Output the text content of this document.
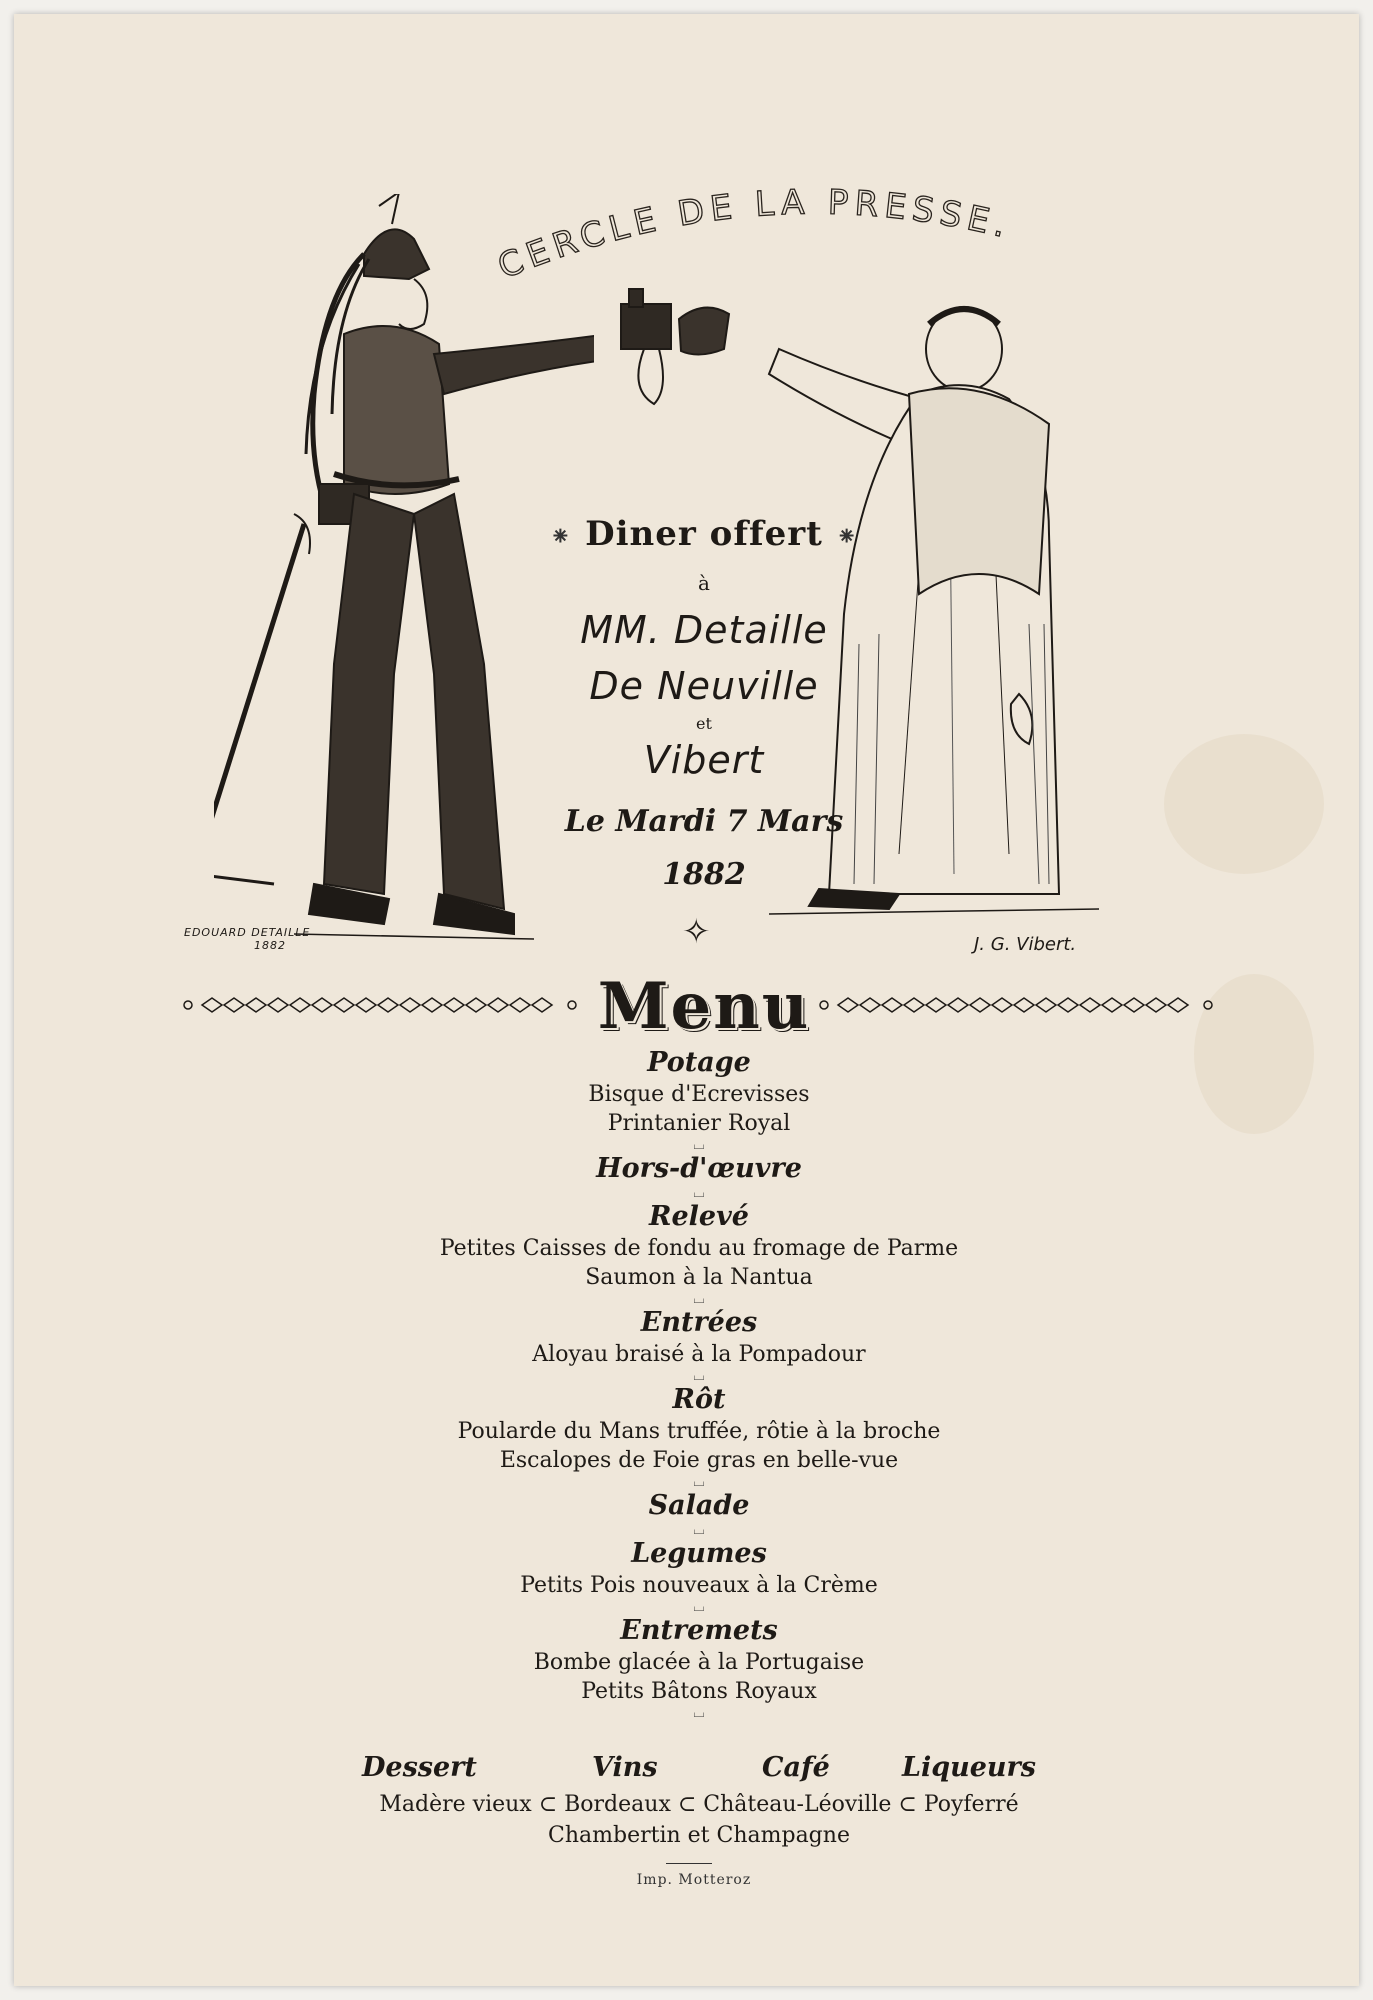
CERCLE DE LA PRESSE.
EDOUARD DETAILLE
1882	J. G. Vibert.
⁕ Diner offert ⁕
à
MM. Detaille
De Neuville
et
Vibert
Le Mardi 7 Mars
1882
✧
Menu
Potage
Bisque d'Ecrevisses
Printanier Royal
⌴
Hors-d'œuvre
⌴
Relevé
Petites Caisses de fondu au fromage de Parme
Saumon à la Nantua
⌴
Entrées
Aloyau braisé à la Pompadour
⌴
Rôt
Poularde du Mans truffée, rôtie à la broche
Escalopes de Foie gras en belle-vue
⌴
Salade
⌴
Legumes
Petits Pois nouveaux à la Crème
⌴
Entremets
Bombe glacée à la Portugaise
Petits Bâtons Royaux
⌴
Dessert	Vins	Café	Liqueurs
Madère vieux ⊂ Bordeaux ⊂ Château-Léoville ⊂ Poyferré
Chambertin et Champagne
Imp. Motteroz
